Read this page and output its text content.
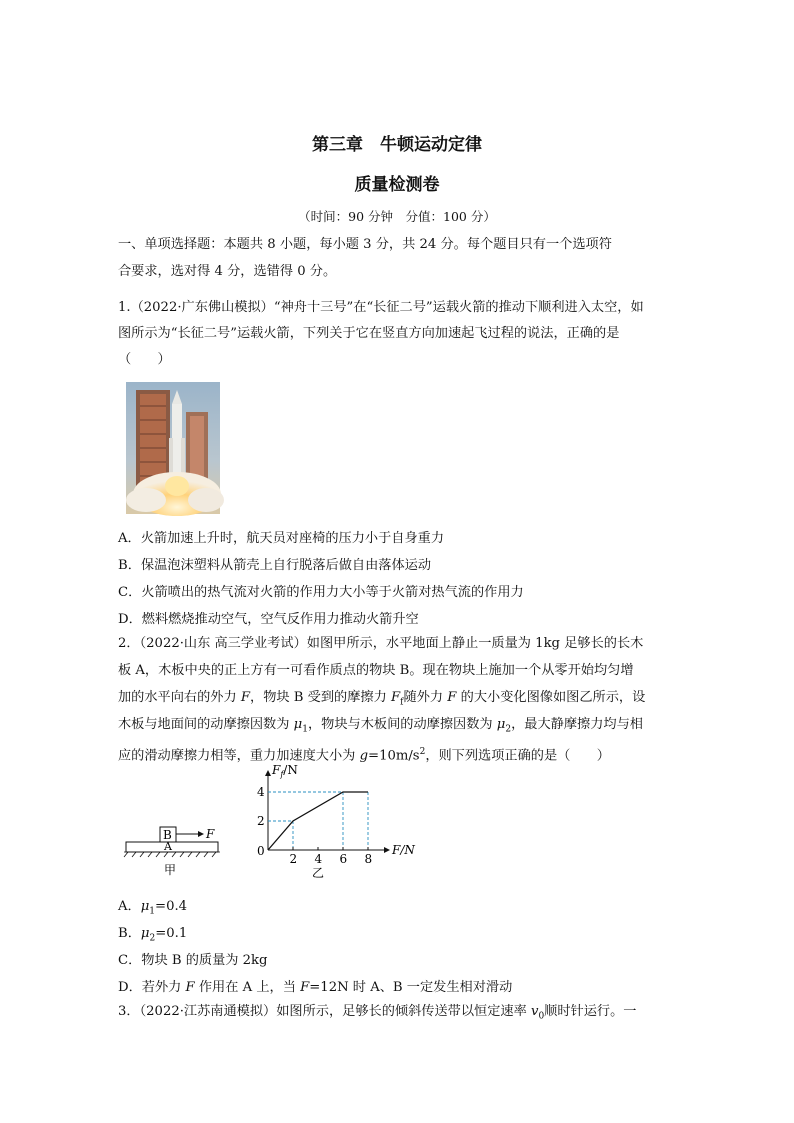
第三章　牛顿运动定律
质量检测卷
（时间：90 分钟　分值：100 分）
一、单项选择题：本题共 8 小题，每小题 3 分，共 24 分。每个题目只有一个选项符
合要求，选对得 4 分，选错得 0 分。
1.（2022·广东佛山模拟）“神舟十三号”在“长征二号”运载火箭的推动下顺利进入太空，如
图所示为“长征二号”运载火箭，下列关于它在竖直方向加速起飞过程的说法，正确的是
（　　）
A．火箭加速上升时，航天员对座椅的压力小于自身重力
B．保温泡沫塑料从箭壳上自行脱落后做自由落体运动
C．火箭喷出的热气流对火箭的作用力大小等于火箭对热气流的作用力
D．燃料燃烧推动空气，空气反作用力推动火箭升空
2．（2022·山东 高三学业考试）如图甲所示，水平地面上静止一质量为 1kg 足够长的长木
板 A，木板中央的正上方有一可看作质点的物块 B。现在物块上施加一个从零开始均匀增
加的水平向右的外力 F，物块 B 受到的摩擦力 $F_f$随外力 F 的大小变化图像如图乙所示，设
木板与地面间的动摩擦因数为 $\mu_1$，物块与木板间的动摩擦因数为 $\mu_2$，最大静摩擦力均与相
应的滑动摩擦力相等，重力加速度大小为 $g=10m/s^2$，则下列选项正确的是（　　）
B	F
A
甲
2 4 6 8
2
4
$F_f/N$
F/N
0
乙
A．$\mu_1=0.4$
B．$\mu_2=0.1$
C．物块 B 的质量为 2kg
D．若外力 F 作用在 A 上，当 F=12N 时 A、B 一定发生相对滑动
3．（2022·江苏南通模拟）如图所示，足够长的倾斜传送带以恒定速率 $v_0$顺时针运行。一
